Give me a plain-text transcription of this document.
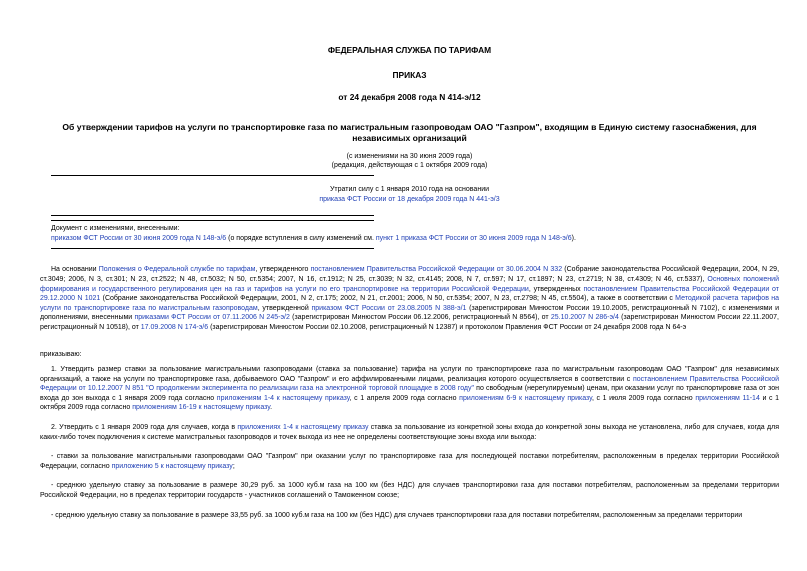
ФЕДЕРАЛЬНАЯ СЛУЖБА ПО ТАРИФАМ
ПРИКАЗ
от 24 декабря 2008 года N 414-э/12
Об утверждении тарифов на услуги по транспортировке газа по магистральным газопроводам ОАО "Газпром", входящим в Единую систему газоснабжения, для независимых организаций
(с изменениями на 30 июня 2009 года)
(редакция, действующая с 1 октября 2009 года)
Утратил силу с 1 января 2010 года на основании
приказа ФСТ России от 18 декабря 2009 года N 441-э/3
Документ с изменениями, внесенными:
приказом ФСТ России от 30 июня 2009 года N 148-э/6 (о порядке вступления в силу изменений см. пункт 1 приказа ФСТ России от 30 июня 2009 года N 148-э/6).

На основании Положения о Федеральной службе по тарифам, утвержденного постановлением Правительства Российской Федерации от 30.06.2004 N 332 (Собрание законодательства Российской Федерации, 2004, N 29, ст.3049; 2006, N 3, ст.301; N 23, ст.2522; N 48, ст.5032; N 50, ст.5354; 2007, N 16, ст.1912; N 25, ст.3039; N 32, ст.4145; 2008, N 7, ст.597; N 17, ст.1897; N 23, ст.2719; N 38, ст.4309; N 46, ст.5337), Основных положений формирования и государственного регулирования цен на газ и тарифов на услуги по его транспортировке на территории Российской Федерации, утвержденных постановлением Правительства Российской Федерации от 29.12.2000 N 1021 (Собрание законодательства Российской Федерации, 2001, N 2, ст.175; 2002, N 21, ст.2001; 2006, N 50, ст.5354; 2007, N 23, ст.2798; N 45, ст.5504), а также в соответствии с Методикой расчета тарифов на услуги по транспортировке газа по магистральным газопроводам, утвержденной приказом ФСТ России от 23.08.2005 N 388-э/1 (зарегистрирован Минюстом России 19.10.2005, регистрационный N 7102), с изменениями и дополнениями, внесенными приказами ФСТ России от 07.11.2006 N 245-э/2 (зарегистрирован Минюстом России 06.12.2006, регистрационный N 8564), от 25.10.2007 N 286-э/4 (зарегистрирован Минюстом России 22.11.2007, регистрационный N 10518), от 17.09.2008 N 174-э/6 (зарегистрирован Минюстом России 02.10.2008, регистрационный N 12387) и протоколом Правления ФСТ России от 24 декабря 2008 года N 64-э

приказываю:

1. Утвердить размер ставки за пользование магистральными газопроводами (ставка за пользование) тарифа на услуги по транспортировке газа по магистральным газопроводам ОАО "Газпром" для независимых организаций, а также на услуги по транспортировке газа, добываемого ОАО "Газпром" и его аффилированными лицами, реализация которого осуществляется в соответствии с постановлением Правительства Российской Федерации от 10.12.2007 N 851 "О продолжении эксперимента по реализации газа на электронной торговой площадке в 2008 году" по свободным (нерегулируемым) ценам, при оказании услуг по транспортировке газа от зон входа до зон выхода с 1 января 2009 года согласно приложениям 1-4 к настоящему приказу, с 1 апреля 2009 года согласно приложениям 6-9 к настоящему приказу, с 1 июля 2009 года согласно приложениям 11-14 и с 1 октября 2009 года согласно приложениям 16-19 к настоящему приказу.

2. Утвердить с 1 января 2009 года для случаев, когда в приложениях 1-4 к настоящему приказу ставка за пользование из конкретной зоны входа до конкретной зоны выхода не установлена, либо для случаев, когда для каких-либо точек подключения к системе магистральных газопроводов и точек выхода из нее не определены соответствующие зоны входа или выхода:

- ставки за пользование магистральными газопроводами ОАО "Газпром" при оказании услуг по транспортировке газа для последующей поставки потребителям, расположенным в пределах территории Российской Федерации, согласно приложению 5 к настоящему приказу;

- среднюю удельную ставку за пользование в размере 30,29 руб. за 1000 куб.м газа на 100 км (без НДС) для случаев транспортировки газа для поставки потребителям, расположенным за пределами территории Российской Федерации, но в пределах территории государств - участников соглашений о Таможенном союзе;

- среднюю удельную ставку за пользование в размере 33,55 руб. за 1000 куб.м газа на 100 км (без НДС) для случаев транспортировки газа для поставки потребителям, расположенным за пределами территории
